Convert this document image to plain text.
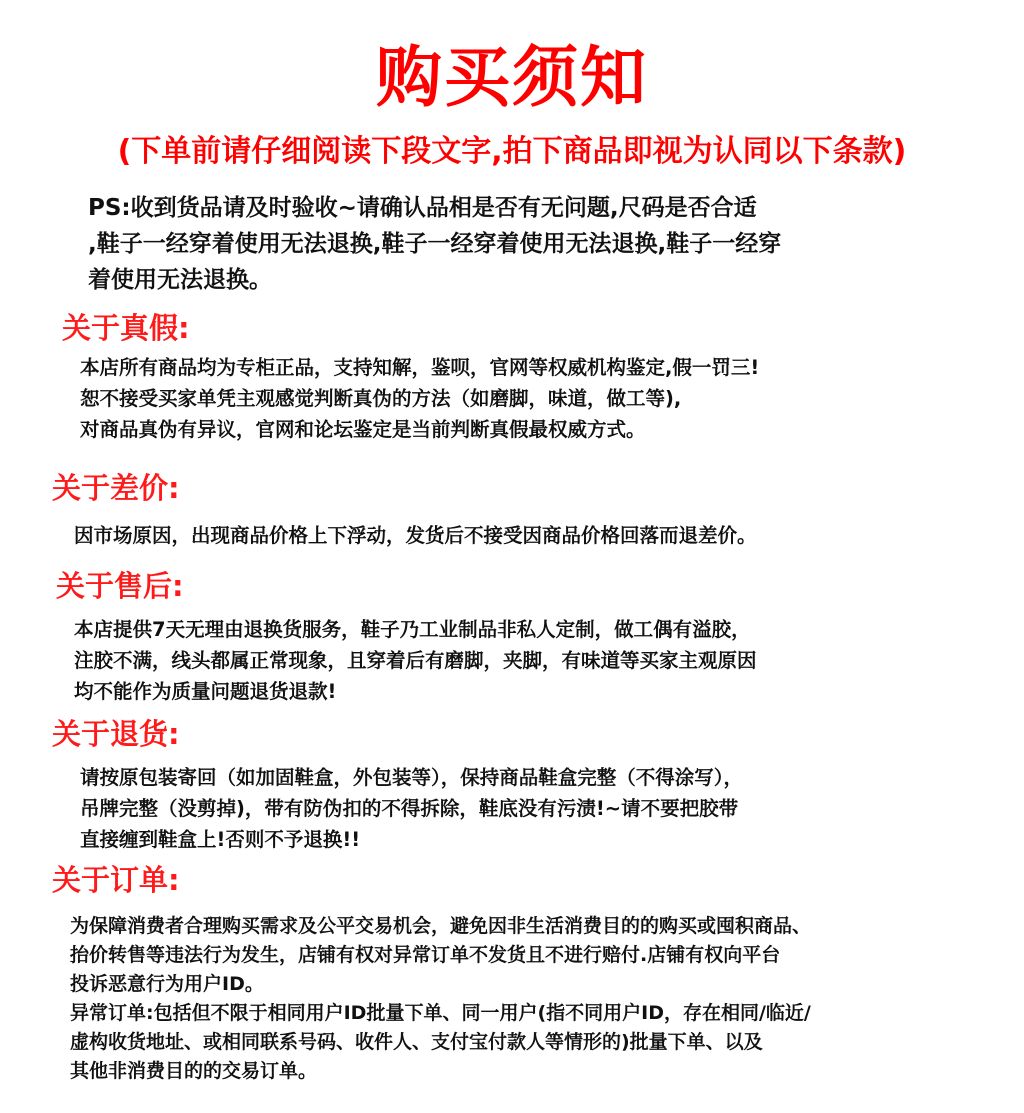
购买须知
(下单前请仔细阅读下段文字,拍下商品即视为认同以下条款)

PS:收到货品请及时验收~请确认品相是否有无问题,尺码是否合适

,鞋子一经穿着使用无法退换,鞋子一经穿着使用无法退换,鞋子一经穿

着使用无法退换。

关于真假:

本店所有商品均为专柜正品，支持知解，鉴呗，官网等权威机构鉴定,假一罚三!

恕不接受买家单凭主观感觉判断真伪的方法（如磨脚，味道，做工等),

对商品真伪有异议，官网和论坛鉴定是当前判断真假最权威方式。

关于差价:

因市场原因，出现商品价格上下浮动，发货后不接受因商品价格回落而退差价。

关于售后:

本店提供7天无理由退换货服务，鞋子乃工业制品非私人定制，做工偶有溢胶，

注胶不满，线头都属正常现象，且穿着后有磨脚，夹脚，有味道等买家主观原因

均不能作为质量问题退货退款!

关于退货:

请按原包装寄回（如加固鞋盒，外包装等），保持商品鞋盒完整（不得涂写），

吊牌完整（没剪掉)，带有防伪扣的不得拆除，鞋底没有污渍!~请不要把胶带

直接缠到鞋盒上!否则不予退换!!

关于订单:

为保障消费者合理购买需求及公平交易机会，避免因非生活消费目的的购买或囤积商品、

抬价转售等违法行为发生，店铺有权对异常订单不发货且不进行赔付.店铺有权向平台

投诉恶意行为用户ID。

异常订单:包括但不限于相同用户ID批量下单、同一用户(指不同用户ID，存在相同/临近/

虚构收货地址、或相同联系号码、收件人、支付宝付款人等情形的)批量下单、以及

其他非消费目的的交易订单。
